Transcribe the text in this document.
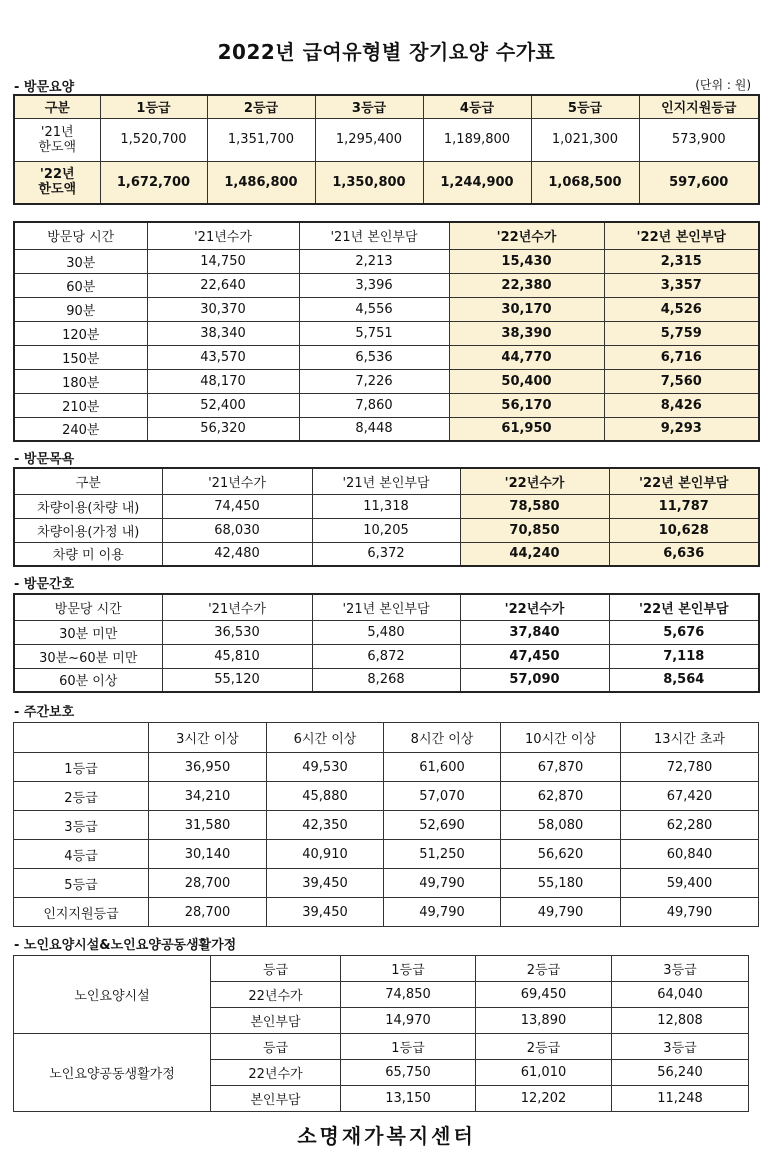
2022년 급여유형별 장기요양 수가표
- 방문요양	(단위 : 원)
구분	1등급	2등급	3등급	4등급	5등급	인지지원등급
'21년
한도액	1,520,700	1,351,700	1,295,400	1,189,800	1,021,300	573,900
'22년
한도액	1,672,700	1,486,800	1,350,800	1,244,900	1,068,500	597,600
방문당 시간	'21년수가	'21년 본인부담	'22년수가	'22년 본인부담
30분	14,750	2,213	15,430	2,315
60분	22,640	3,396	22,380	3,357
90분	30,370	4,556	30,170	4,526
120분	38,340	5,751	38,390	5,759
150분	43,570	6,536	44,770	6,716
180분	48,170	7,226	50,400	7,560
210분	52,400	7,860	56,170	8,426
240분	56,320	8,448	61,950	9,293
- 방문목욕
구분	'21년수가	'21년 본인부담	'22년수가	'22년 본인부담
차량이용(차량 내)	74,450	11,318	78,580	11,787
차량이용(가정 내)	68,030	10,205	70,850	10,628
차량 미 이용	42,480	6,372	44,240	6,636
- 방문간호
방문당 시간	'21년수가	'21년 본인부담	'22년수가	'22년 본인부담
30분 미만	36,530	5,480	37,840	5,676
30분~60분 미만	45,810	6,872	47,450	7,118
60분 이상	55,120	8,268	57,090	8,564
- 주간보호
	3시간 이상	6시간 이상	8시간 이상	10시간 이상	13시간 초과
1등급	36,950	49,530	61,600	67,870	72,780
2등급	34,210	45,880	57,070	62,870	67,420
3등급	31,580	42,350	52,690	58,080	62,280
4등급	30,140	40,910	51,250	56,620	60,840
5등급	28,700	39,450	49,790	55,180	59,400
인지지원등급	28,700	39,450	49,790	49,790	49,790
- 노인요양시설&노인요양공동생활가정
노인요양시설	등급	1등급	2등급	3등급
	22년수가	74,850	69,450	64,040
	본인부담	14,970	13,890	12,808
노인요양공동생활가정	등급	1등급	2등급	3등급
	22년수가	65,750	61,010	56,240
	본인부담	13,150	12,202	11,248
소명재가복지센터
